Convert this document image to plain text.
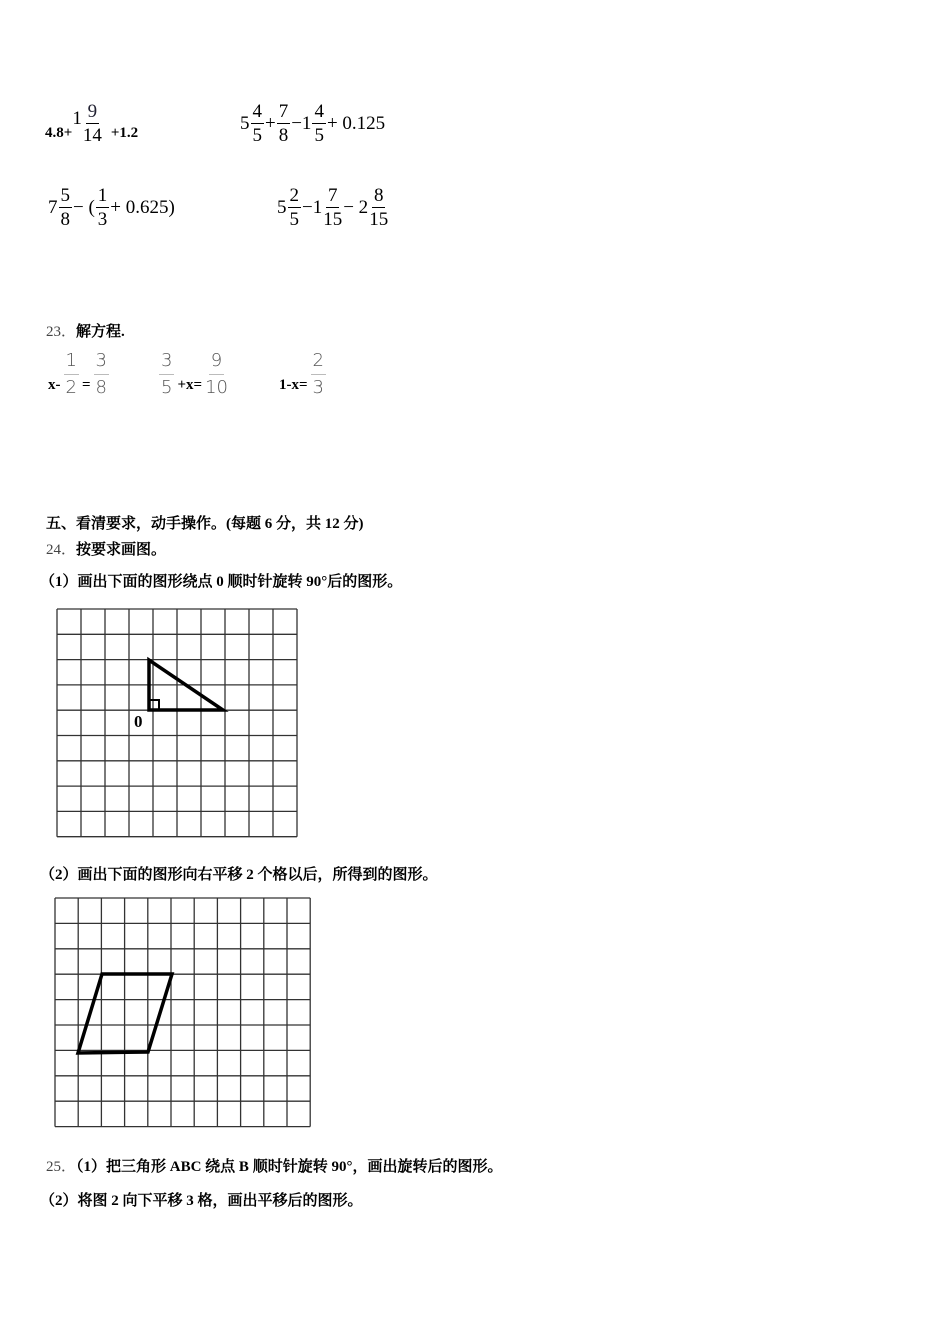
4.8+
1 9
14 +1.2	5
4
5
+ $\frac{7}{8} -1$
4
5
+ 0.125
7
5
8
− (
1
3
+ 0.625)	5
2
5
−1
7
15
− 2
8
15
23．解方程.
$x- \frac{1}{2} = \frac{3}{8}$	3
$5 +x= \frac{9}{10}$	$1-x= \frac{2}{3}$
五、看清要求，动手操作。(每题 6 分，共 12 分)
24．按要求画图。
（1）画出下面的图形绕点 0 顺时针旋转 90°后的图形。
0
（2）画出下面的图形向右平移 2 个格以后，所得到的图形。
25．（1）把三角形 ABC 绕点 B 顺时针旋转 90°，画出旋转后的图形。
（2）将图 2 向下平移 3 格，画出平移后的图形。
